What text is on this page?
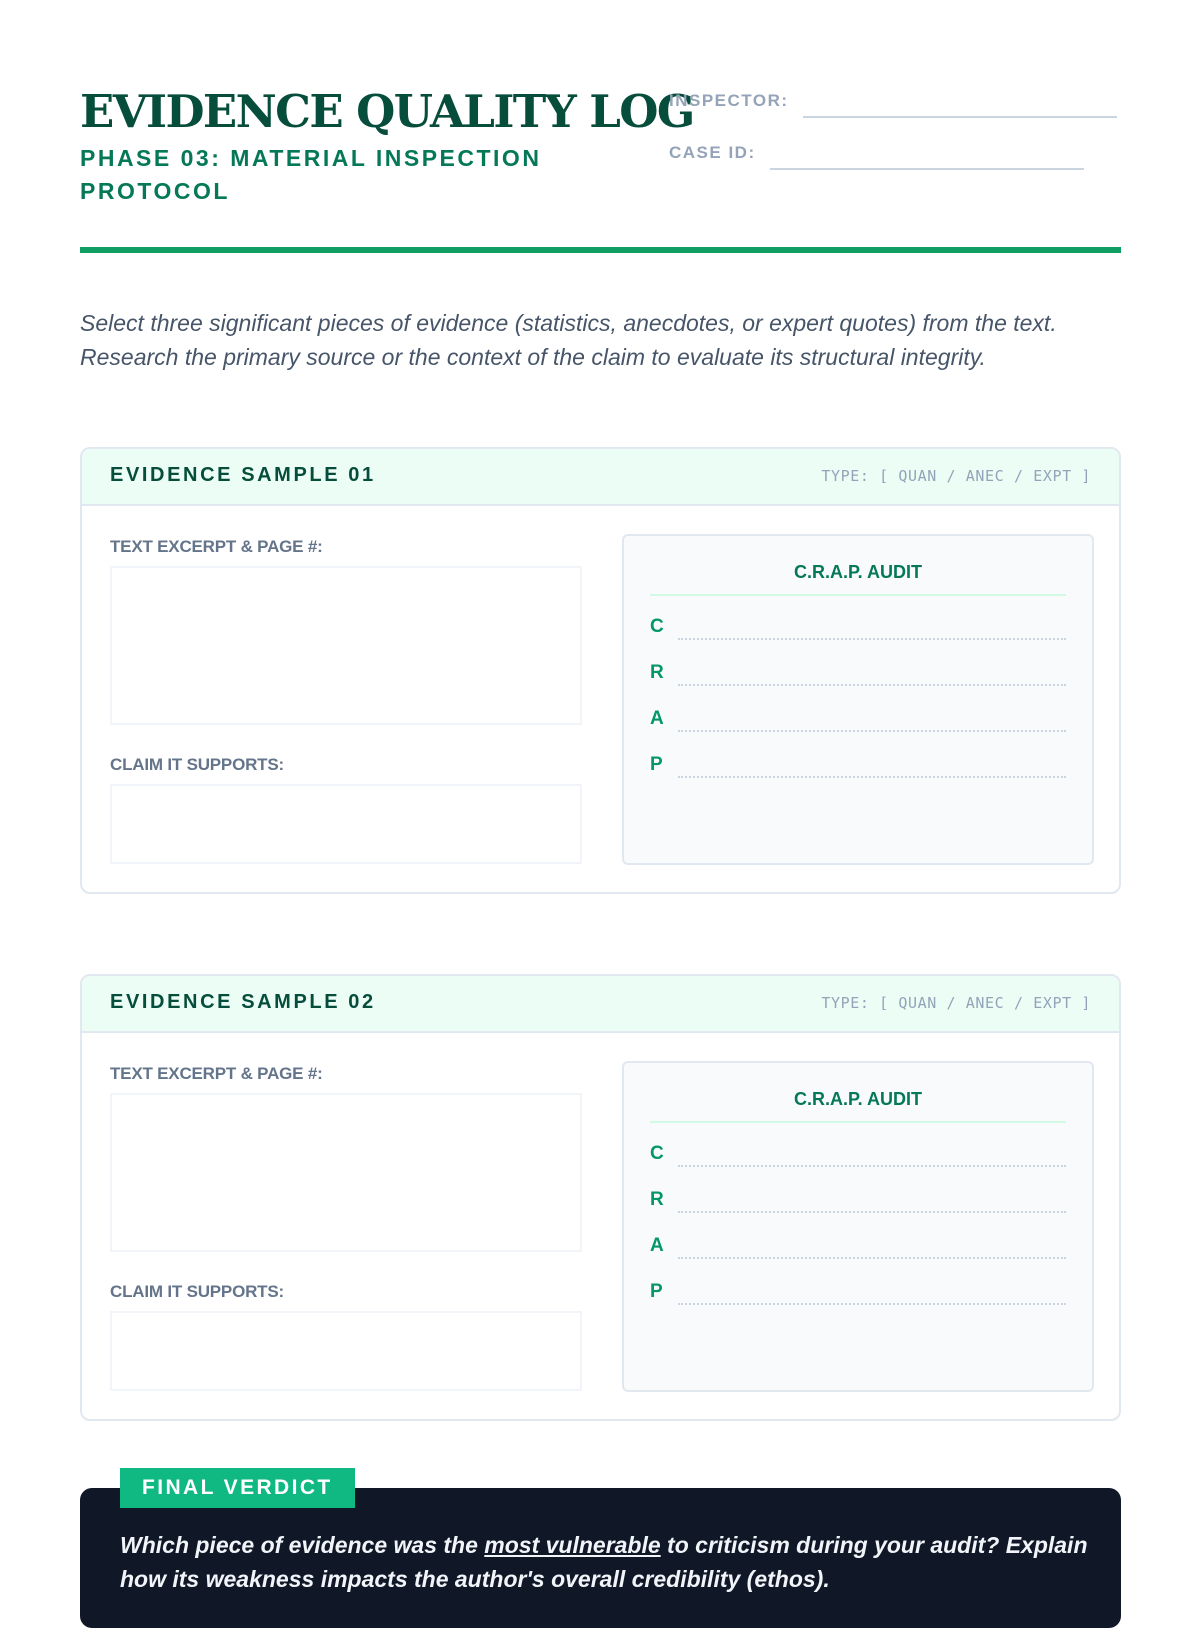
EVIDENCE QUALITY LOG
PHASE 03: MATERIAL INSPECTION PROTOCOL
INSPECTOR:
CASE ID:
Select three significant pieces of evidence (statistics, anecdotes, or expert quotes) from the text. Research the primary source or the context of the claim to evaluate its structural integrity.
EVIDENCE SAMPLE 01	TYPE: [ QUAN / ANEC / EXPT ]
TEXT EXCERPT & PAGE #:
CLAIM IT SUPPORTS:
C.R.A.P. AUDIT
C
R
A
P
EVIDENCE SAMPLE 02	TYPE: [ QUAN / ANEC / EXPT ]
TEXT EXCERPT & PAGE #:
CLAIM IT SUPPORTS:
C.R.A.P. AUDIT
C
R
A
P
FINAL VERDICT
Which piece of evidence was the most vulnerable to criticism during your audit? Explain how its weakness impacts the author's overall credibility (ethos).
